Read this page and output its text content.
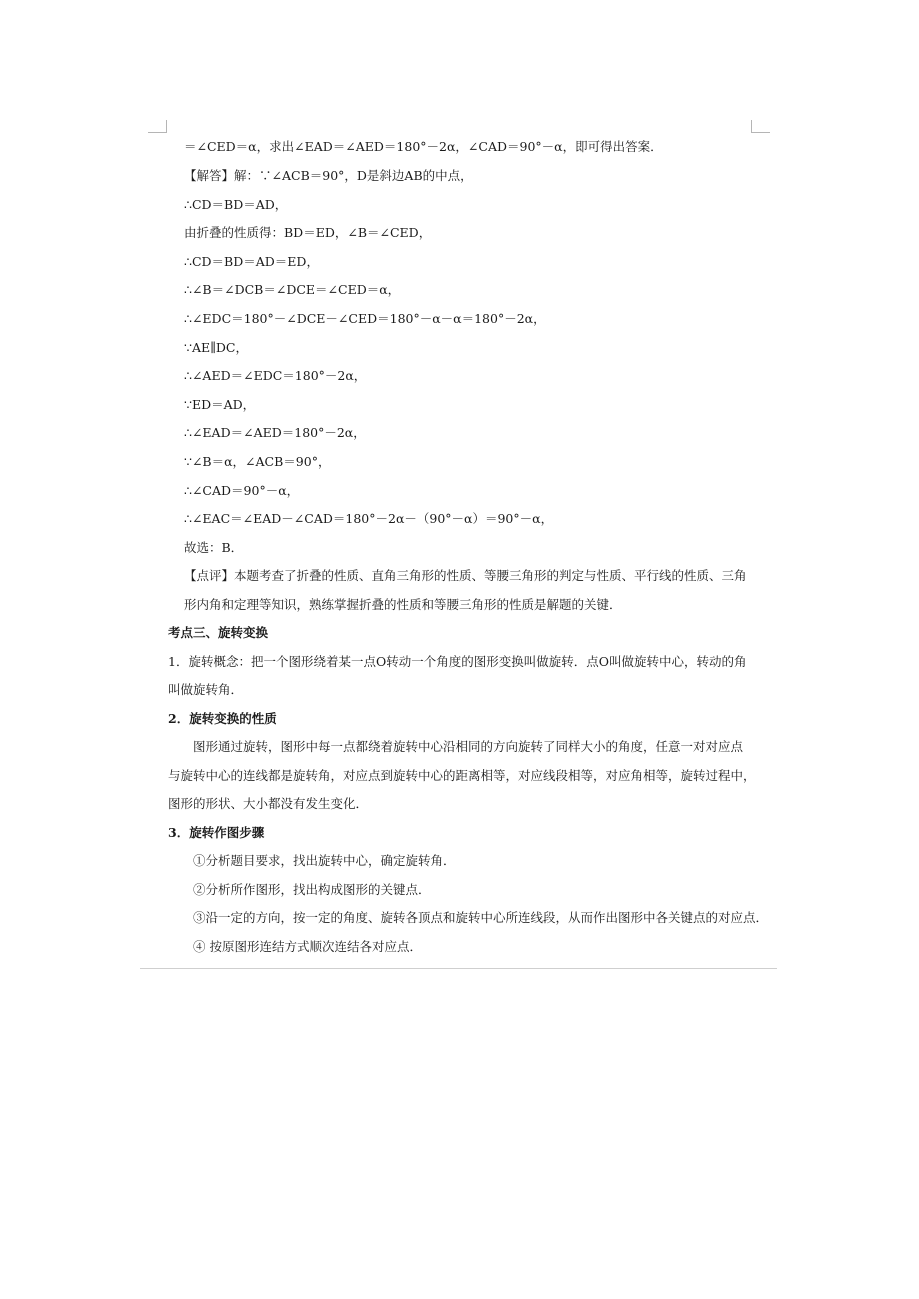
＝∠CED＝α，求出∠EAD＝∠AED＝180°－2α，∠CAD＝90°－α，即可得出答案．
【解答】解：∵∠ACB＝90°，D是斜边AB的中点，
∴CD＝BD＝AD，
由折叠的性质得：BD＝ED，∠B＝∠CED，
∴CD＝BD＝AD＝ED，
∴∠B＝∠DCB＝∠DCE＝∠CED＝α，
∴∠EDC＝180°－∠DCE－∠CED＝180°－α－α＝180°－2α，
∵AE∥DC，
∴∠AED＝∠EDC＝180°－2α，
∵ED＝AD，
∴∠EAD＝∠AED＝180°－2α，
∵∠B＝α，∠ACB＝90°，
∴∠CAD＝90°－α，
∴∠EAC＝∠EAD－∠CAD＝180°－2α－（90°－α）＝90°－α，
故选：B．
【点评】本题考查了折叠的性质、直角三角形的性质、等腰三角形的判定与性质、平行线的性质、三角
形内角和定理等知识，熟练掌握折叠的性质和等腰三角形的性质是解题的关键．
考点三、旋转变换
1．旋转概念：把一个图形绕着某一点O转动一个角度的图形变换叫做旋转．点O叫做旋转中心，转动的角
叫做旋转角．
2．旋转变换的性质
图形通过旋转，图形中每一点都绕着旋转中心沿相同的方向旋转了同样大小的角度，任意一对对应点
与旋转中心的连线都是旋转角，对应点到旋转中心的距离相等，对应线段相等，对应角相等，旋转过程中，
图形的形状、大小都没有发生变化．
3．旋转作图步骤
①分析题目要求，找出旋转中心，确定旋转角．
②分析所作图形，找出构成图形的关键点．
③沿一定的方向，按一定的角度、旋转各顶点和旋转中心所连线段，从而作出图形中各关键点的对应点．
④ 按原图形连结方式顺次连结各对应点．
